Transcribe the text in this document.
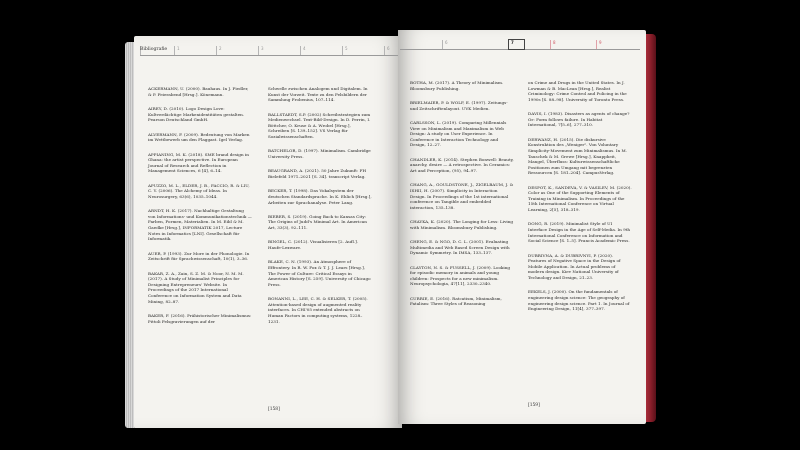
1	2	3	4	5	6
Bibliografie
ACKERMANN, U. (2000). Bauhaus. In J. Fiedler, & P. Feierabend [Hrsg.]. Könemann.
AIREY, D. (2010). Logo Design Love: Kultverdächtige Markenidentitäten gestalten. Pearson Deutschland GmbH.
ALVERMANN, F. (2009). Bedeutung von Marken im Wettbewerb um den Flaggast. Igel Verlag.
APPIANING, M. K. (2018). SME brand design in Ghana: the artist perspective. In European Journal of Research and Reflection in Management Sciences, 6 [4], 6–14.
APUZZO, M. L., ELDER, J. B., FACCIO, R. & LIU, C. Y. (2006). The Alchemy of Ideas. In Neurosurgery, 63(6), 1035–1044.
ARNDT, H. K. (2017). Nachhaltige Gestaltung von Informations- und Kommunikationstechnik — Farben, Formen, Materialien. In M. Eibl & M. Gaedke [Hrsg.], INFORMATIK 2017, Lecture Notes in Informatics [LNI]. Gesellschaft für Informatik.
AUER, P. (1993). Zur More in der Phonologie. In Zeitschrift für Sprachwissenschaft, 10(1), 3–36.
BAKAR, Z. A., Zain, S. Z. M. & Noor, N. M. M. (2017). A Study of Minimalist Principles for Designing Entrepreneurs' Website. In Proceedings of the 2017 International Conference on Information System and Data Mining, 82–87.
BAKER, F. (2016). Prähistorischer Minimalismus: Pittoli Felsgravierungen auf der
Schwelle zwischen Analogem und Digitalem. In Kunst der Vorzeit. Texte zu den Felsbildern der Sammlung Frobenius, 107–114.
BALLSTAEDT, S.P. (2002) Schreibstrategien zum Medienwechsel. Text-Bild-Design. In D. Perrin, I. Böttcher, O. Kruse & A. Wrobel [Hrsg.], Schreiben [S. 139–152]. VS Verlag für Sozialwissenschaften.
BATCHELOR, D. (1997). Minimalism. Cambridge University Press.
BEAUGRAND, A. (2021). 50 Jahre Zukunft: FH Bielefeld 1971–2021 [S. 34]. transcript Verlag.
BECKER, T. (1998). Das Vokalsystem der deutschen Standardsprache. In K. Ehlich [Hrsg.], Arbeiten zur Sprachanalyse. Peter Lang.
BIEBER, S. (2019). Going Back to Kansas City: The Origins of Judd's Minimal Art. In American Art, 33(3), 92–111.
BINGEL, C. (2012). Visualisieren [2. Aufl.]. Haufe-Lexware.
BLAKE, C. N. (1993). An Atmosphere of Effrontery. In R. W. Fox & T. J. J. Lears [Hrsg.], The Power of Culture: Critical Essays in American History [S. 259]. University of Chicago Press.
BONANNI, L., LEE, C. H. & SELKER, T. (2005). Attention-based design of augmented reality interfaces. In CHI'05 extended abstracts on Human Factors in computing systems, 1228–1231.
[158]
6	7	8	9
BOTHA, M. (2017). A Theory of Minimalism. Bloomsbury Publishing.
BRIELMAIER, P. & WOLF, E. (1997). Zeitungs- und Zeitschriftenlayout. UVK Medien.
CARLSSON, L. (2019). Comparing Millennials View on Minimalism and Maximalism in Web Design: A study on User Experience. In Conference in Interaction Technology and Design, 12–27.
CHANDLER, K. (2014). Stephen Bonwell: Beauty, anarchy, desire — A retrospective. In Ceramics: Art and Perception, (95), 94–97.
CHANG, A., GOULDSTONE, J., ZIGELBAUM, J. & ISHII, H. (2007). Simplicity in Interaction Design. In Proceedings of the 1st international conference on Tangible and embedded interaction, 135–138.
CHAYKA, K. (2020). The Longing for Less: Living with Minimalism. Bloomsbury Publishing.
CHENG, E. & NGO, D. C. L. (2001). Evaluating Multimedia and Web Based Screen Design with Dynamic Symmetry. In IMSA, 133–137.
CLAYTON, N. S. & FUSSELL, J. (2009). Looking for episodic memory in animals and young children: Prospects for a new minimalism. Neuropsychologia, 47[11], 2330–2340.
CURRIE, E. (2016). Ratcatism, Minimalism, Fatalism: Three Styles of Reasoning
on Crime and Drugs in the United States. In J. Lowman & B. MacLean [Hrsg.], Realist Criminology: Crime Control and Policing in the 1990s [S. 88–98]. University of Toronto Press.
DAVIS, I. (1983). Disasters as agents of change? Or: Form follows failure. In Habitat International, 7[5–6], 277–310.
DERWANZ, H. (2015). Die diskursive Konstruktion des „Weniger". Von Voluntary Simplicity-Movement zum Minimalismus. In M. Tauschek & M. Grewe [Hrsg.], Knappheit, Mangel, Überfluss: Kulturwissenschaftliche Positionen zum Umgang mit begrenzten Ressourcen [S. 181–204]. CampusVerlag.
DESPOT, K., SANDEVA, V. & VASILEV, M. (2020). Color as One of the Supporting Elements of Training in Minimalism. In Proceedings of the 15th International Conference on Virtual Learning, 2[5], 318–319.
DONG, R. (2019). Minimalist Style of UI Interface Design in the Age of Self-Media. In 9th International Conference on Information and Social Science [S. 1–5]. Francis Academic Press.
DUBRIVNA, A. & DUBRIVNYI, P. (2020). Features of Negative Space in the Design of Mobile Application. In Actual problems of modern design. Kiev National University of Technology and Design, 21–23.
EEKELS, J. (2000). On the fundamentals of engineering design science: The geography of engineering design science. Part 1. In Journal of Engineering Design, 11[4], 377–397.
[159]
